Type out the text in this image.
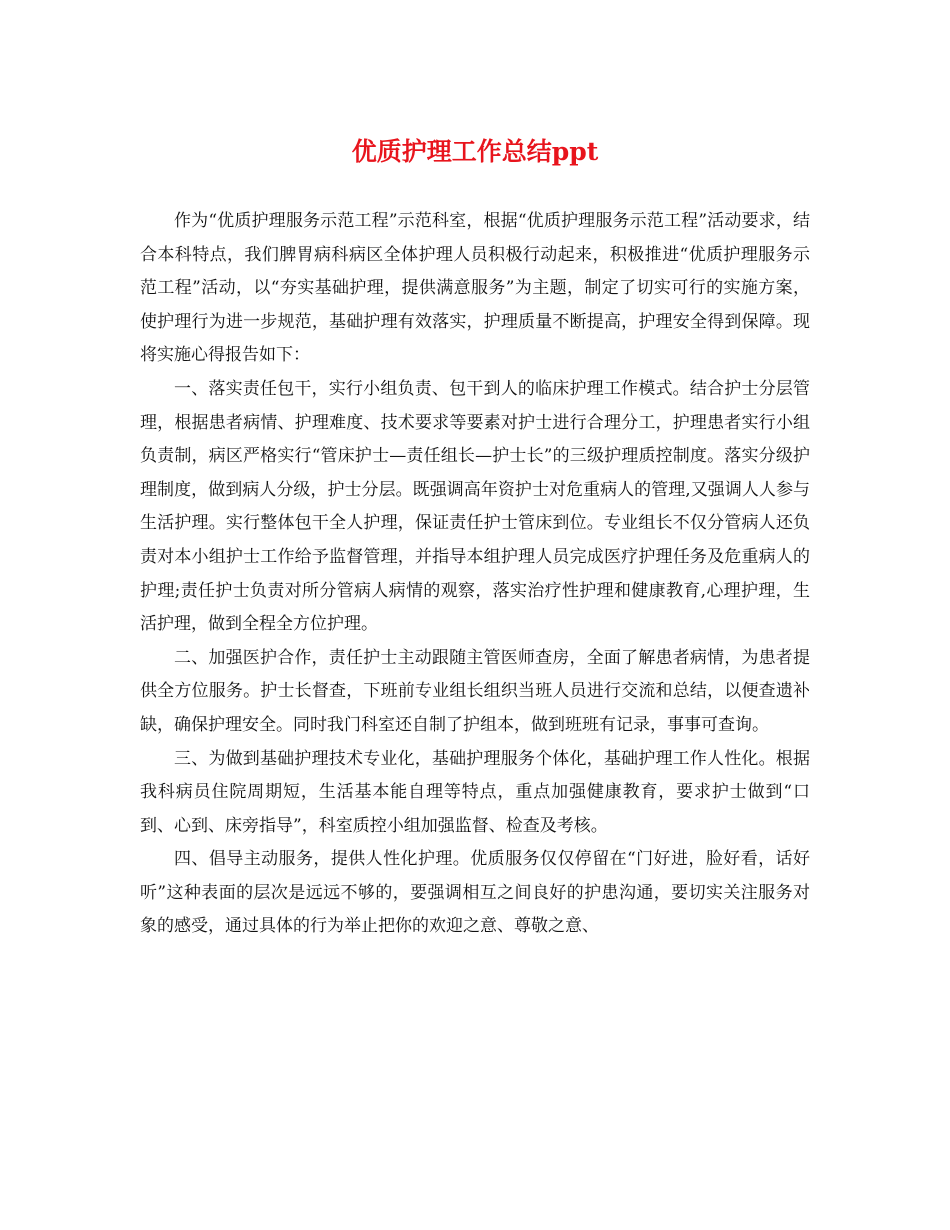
优质护理工作总结ppt

作为“优质护理服务示范工程”示范科室，根据“优质护理服务示范工程”活动要求，结合本科特点，我们脾胃病科病区全体护理人员积极行动起来，积极推进“优质护理服务示范工程”活动，以“夯实基础护理，提供满意服务”为主题，制定了切实可行的实施方案，使护理行为进一步规范，基础护理有效落实，护理质量不断提高，护理安全得到保障。现将实施心得报告如下：

一、落实责任包干，实行小组负责、包干到人的临床护理工作模式。结合护士分层管理，根据患者病情、护理难度、技术要求等要素对护士进行合理分工，护理患者实行小组负责制，病区严格实行“管床护士—责任组长—护士长”的三级护理质控制度。落实分级护理制度，做到病人分级，护士分层。既强调高年资护士对危重病人的管理,又强调人人参与生活护理。实行整体包干全人护理，保证责任护士管床到位。专业组长不仅分管病人还负责对本小组护士工作给予监督管理，并指导本组护理人员完成医疗护理任务及危重病人的护理;责任护士负责对所分管病人病情的观察，落实治疗性护理和健康教育,心理护理，生活护理，做到全程全方位护理。

二、加强医护合作，责任护士主动跟随主管医师查房，全面了解患者病情，为患者提供全方位服务。护士长督查，下班前专业组长组织当班人员进行交流和总结，以便查遗补缺，确保护理安全。同时我门科室还自制了护组本，做到班班有记录，事事可查询。

三、为做到基础护理技术专业化，基础护理服务个体化，基础护理工作人性化。根据我科病员住院周期短，生活基本能自理等特点，重点加强健康教育，要求护士做到“口到、心到、床旁指导”，科室质控小组加强监督、检查及考核。

四、倡导主动服务，提供人性化护理。优质服务仅仅停留在“门好进，脸好看，话好听”这种表面的层次是远远不够的，要强调相互之间良好的护患沟通，要切实关注服务对象的感受，通过具体的行为举止把你的欢迎之意、尊敬之意、
